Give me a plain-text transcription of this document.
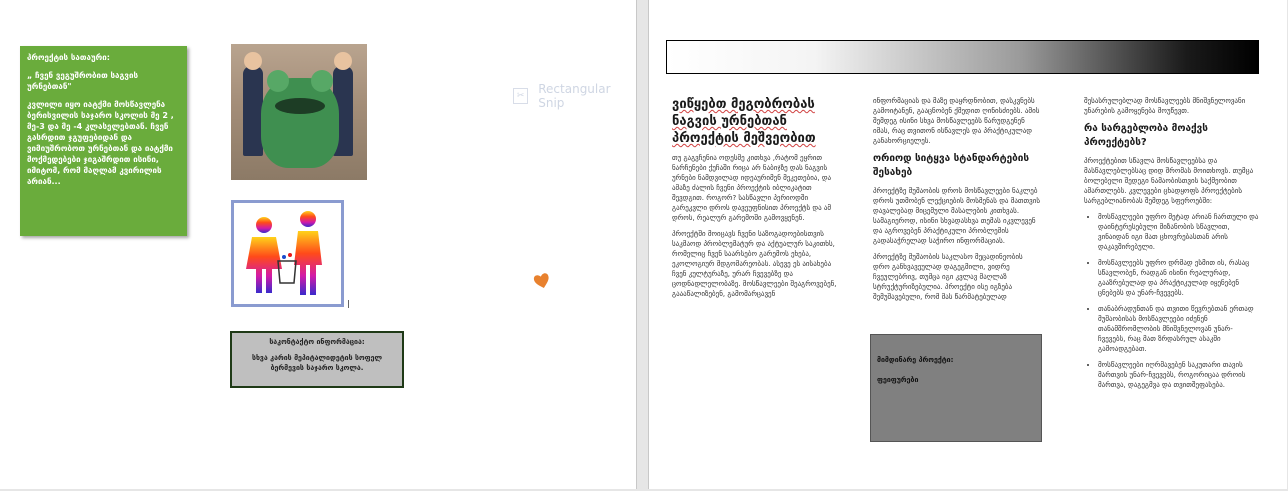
პროექტის სათაური:

„ ჩვენ ვეგუშრობით საგვის ურნებთან"

კვლილი იყო იატქმი მოსწავლენა ბერისვილის საჯარო სკოლის მე 2 , მე-3 და მე -4 კლასელებთან. ჩვენ გასრდით ჯგუფებიდან და ვიმიუშრობოთ ურნებთან და იატქმი მოქმედებები ჯიგაშრდით ისინი, იმიტომ, რომ მაღლამ კვირილის არიან...

საკონტაქტო ინფორმაცია:

სხვა კარის მეპიტალიდეტის სოფელ ბერმევის საჯარო სკოლა.

✂	Rectangular Snip	ვიწყებთ მეგობრობას ნაგვის ურნებთან პროექტის მეშვეობით

თუ გაგვჩენია ოდესმე კითხვა ,რატომ ეყრით ნარჩენები ქუჩაში რიცა არ ნაბიჯზე დას ნაგვის ურნები ნამდვილად იდეაურიმენ მეკეთებია, და ამაზე ძალის ჩვენი პროექტის იბლიკატით შევდგით. როგორ? სასწავლი პერიოდში გარეკვლი დროს დავეუფნისით პროექტს და ამ დროს, რეალურ გარემოში გამოვყენენ.

პროექტში მოიცავს ჩვენი საზოგადოებისთვის საკმაოდ პრობლემატურ და აქტუალურ საკითხს, რომელიც ჩვენ საარსებო გარემოს ეხება, ეკოლოგიურ მდგომარეობას. ასევე ეს აისახება ჩვენ კულტურაზე, ურარ ჩვევებზე და ცოდნადლელობაზე. მოსწავლეები შეაგროვებენ, გაააწალიზებენ, გამომარცავენ

ინფორმაციას და მაზე დაყრდნობით, დასკვნებს გამოიტანენ, გააცნობენ ქმედით ღინისძიებს. ამის შემდეგ ისინი სხვა მოსწავლეებს წარუდგენენ იმას, რაც თვითონ ისწავლეს და პრაქტიკულად განახორციელეს.

ორიოდ სიტყვა სტანდარტების შესახებ

პროექტზე მუშაობის დროს მოსწავლეები ნაკლებ დროს უთმობენ ლექციების მოსმენას და მათთვის დავალებად მიცემული მასალების კითხვას. სამაგიეროდ, ისინი სხვადასხვა თემას იკვლევენ და აგროვებენ პრაქტიკული პრობლემის გადასაჭრელად საჭირო ინფორმაციას.

პროექტზე მუშაობის საკლასო მეცადინეობის დრო განხვავეულად დაგეგმილი, ვიდრე ჩვეულებრივ, თუმცა იგი კვლავ მაღლაზ სტრუქტურიზებულია. პროექტი ისე იგზება შემუშავებული, რომ მას წარმატებულად

მიმდინარე პროექტი:

ფეიფურები

შესასრულებლად მოსწავლეებს მნიშვნელოვანი უნარების გამოყენება მოუწევთ.

რა სარგებლობა მოაქვს პროექტებს?

პროექტებით სწავლა მოსწავლეებსა და მასწავლებლებსაც დიდ შრომას მოითხოვს. თუმცა ბოლებელი შედეგი ნამაობისთვის საქმეობით ამართლებს. კვლევები ცხადყოფს პროექტების სარგებლიანობას შემდეგ სფეროებში:

• მოსწავლეები უფრო მეტად არიან ჩართული და დაინტერესებული მიზანობის სწავლით, ვინაიდან იგი მათ ცხოვრებასთან არის დაკავშირებული.
• მოსწავლეებს უფრო დრმად ესმით ის, რასაც სწავლობენ, რადგან ისინი რეალურად, გააზრებულად და პრაქტიკულად იყენებენ ცნებებს და უნარ-ჩვევებს.
• თანაბრადუნთან და თვითი წევრებთან ერთად მუშაობისას მოსწავლეები იძენენ თანამშრომლობის მნიშვნელოვან უნარ-ჩვევებს, რაც მათ ზრდასრულ ასაკში გამოადგებათ.
• მოსწავლეები იღრმავებენ საკუთარი თავის მართვის უნარ-ჩვევებს, როგორიცაა დროის მართვა, დაგეგმვა და თვითშეფასება.
